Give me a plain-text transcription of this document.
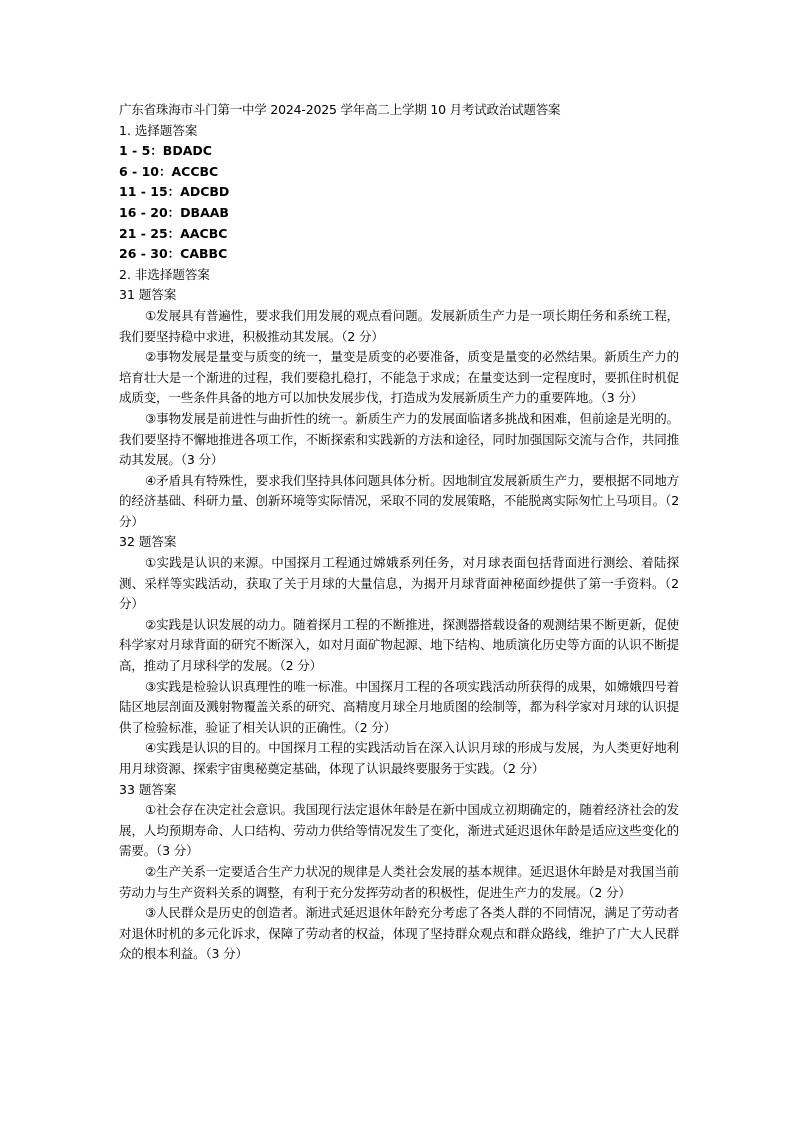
广东省珠海市斗门第一中学 2024-2025 学年高二上学期 10 月考试政治试题答案

1. 选择题答案

1 - 5：BDADC

6 - 10：ACCBC

11 - 15：ADCBD

16 - 20：DBAAB

21 - 25：AACBC

26 - 30：CABBC

2. 非选择题答案

31 题答案

①发展具有普遍性，要求我们用发展的观点看问题。发展新质生产力是一项长期任务和系统工程，我们要坚持稳中求进，积极推动其发展。（2 分）

②事物发展是量变与质变的统一，量变是质变的必要准备，质变是量变的必然结果。新质生产力的培育壮大是一个渐进的过程，我们要稳扎稳打，不能急于求成；在量变达到一定程度时，要抓住时机促成质变，一些条件具备的地方可以加快发展步伐，打造成为发展新质生产力的重要阵地。（3 分）

③事物发展是前进性与曲折性的统一。新质生产力的发展面临诸多挑战和困难，但前途是光明的。我们要坚持不懈地推进各项工作，不断探索和实践新的方法和途径，同时加强国际交流与合作，共同推动其发展。（3 分）

④矛盾具有特殊性，要求我们坚持具体问题具体分析。因地制宜发展新质生产力，要根据不同地方的经济基础、科研力量、创新环境等实际情况，采取不同的发展策略，不能脱离实际匆忙上马项目。（2 分）

32 题答案

①实践是认识的来源。中国探月工程通过嫦娥系列任务，对月球表面包括背面进行测绘、着陆探测、采样等实践活动，获取了关于月球的大量信息，为揭开月球背面神秘面纱提供了第一手资料。（2 分）

②实践是认识发展的动力。随着探月工程的不断推进，探测器搭载设备的观测结果不断更新，促使科学家对月球背面的研究不断深入，如对月面矿物起源、地下结构、地质演化历史等方面的认识不断提高，推动了月球科学的发展。（2 分）

③实践是检验认识真理性的唯一标准。中国探月工程的各项实践活动所获得的成果，如嫦娥四号着陆区地层剖面及溅射物覆盖关系的研究、高精度月球全月地质图的绘制等，都为科学家对月球的认识提供了检验标准，验证了相关认识的正确性。（2 分）

④实践是认识的目的。中国探月工程的实践活动旨在深入认识月球的形成与发展，为人类更好地利用月球资源、探索宇宙奥秘奠定基础，体现了认识最终要服务于实践。（2 分）

33 题答案

①社会存在决定社会意识。我国现行法定退休年龄是在新中国成立初期确定的，随着经济社会的发展，人均预期寿命、人口结构、劳动力供给等情况发生了变化，渐进式延迟退休年龄是适应这些变化的需要。（3 分）

②生产关系一定要适合生产力状况的规律是人类社会发展的基本规律。延迟退休年龄是对我国当前劳动力与生产资料关系的调整，有利于充分发挥劳动者的积极性，促进生产力的发展。（2 分）

③人民群众是历史的创造者。渐进式延迟退休年龄充分考虑了各类人群的不同情况，满足了劳动者对退休时机的多元化诉求，保障了劳动者的权益，体现了坚持群众观点和群众路线，维护了广大人民群众的根本利益。（3 分）
